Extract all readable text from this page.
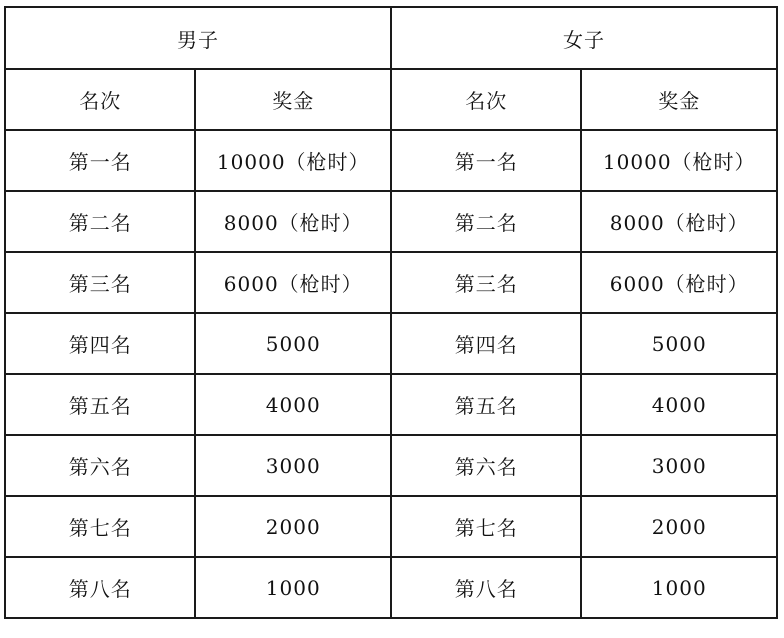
男子		女子	
名次	奖金	名次	奖金
第一名	10000（枪时）	第一名	10000（枪时）
第二名	8000（枪时）	第二名	8000（枪时）
第三名	6000（枪时）	第三名	6000（枪时）
第四名	5000	第四名	5000
第五名	4000	第五名	4000
第六名	3000	第六名	3000
第七名	2000	第七名	2000
第八名	1000	第八名	1000
